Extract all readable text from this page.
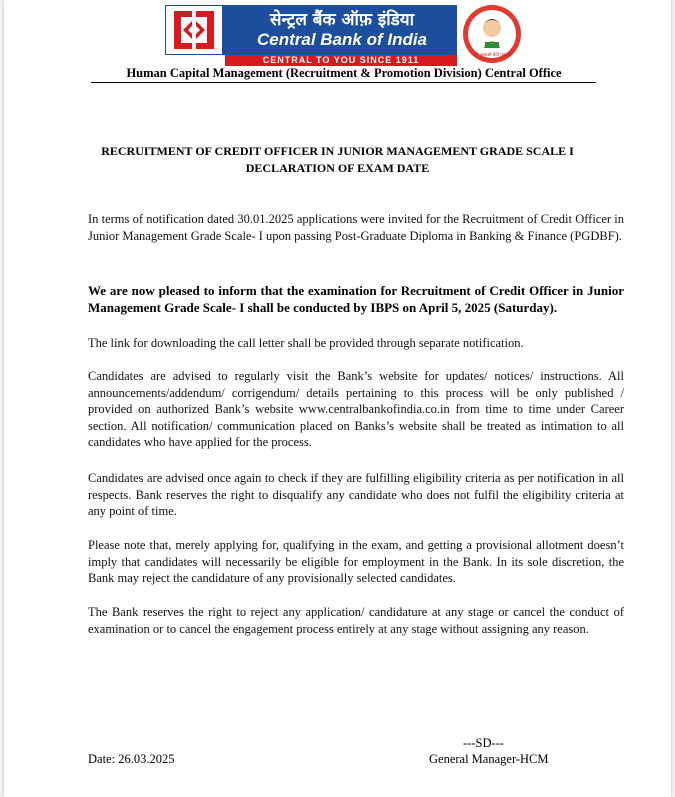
सेन्ट्रल बैंक ऑफ़ इंडिया
Central Bank of India
CENTRAL TO YOU SINCE 1911	बेटी बचाओ बेटी पढ़ाओ
Human Capital Management (Recruitment & Promotion Division) Central Office
RECRUITMENT OF CREDIT OFFICER IN JUNIOR MANAGEMENT GRADE SCALE I
DECLARATION OF EXAM DATE
In terms of notification dated 30.01.2025 applications were invited for the Recruitment of Credit Officer in Junior Management Grade Scale- I upon passing Post-Graduate Diploma in Banking & Finance (PGDBF).
We are now pleased to inform that the examination for Recruitment of Credit Officer in Junior Management Grade Scale- I shall be conducted by IBPS on April 5, 2025 (Saturday).
The link for downloading the call letter shall be provided through separate notification.
Candidates are advised to regularly visit the Bank’s website for updates/ notices/ instructions. All announcements/addendum/ corrigendum/ details pertaining to this process will be only published / provided on authorized Bank’s website www.centralbankofindia.co.in from time to time under Career section. All notification/ communication placed on Banks’s website shall be treated as intimation to all candidates who have applied for the process.
Candidates are advised once again to check if they are fulfilling eligibility criteria as per notification in all respects. Bank reserves the right to disqualify any candidate who does not fulfil the eligibility criteria at any point of time.
Please note that, merely applying for, qualifying in the exam, and getting a provisional allotment doesn’t imply that candidates will necessarily be eligible for employment in the Bank. In its sole discretion, the Bank may reject the candidature of any provisionally selected candidates.
The Bank reserves the right to reject any application/ candidature at any stage or cancel the conduct of examination or to cancel the engagement process entirely at any stage without assigning any reason.
---SD---
General Manager-HCM
Date: 26.03.2025
